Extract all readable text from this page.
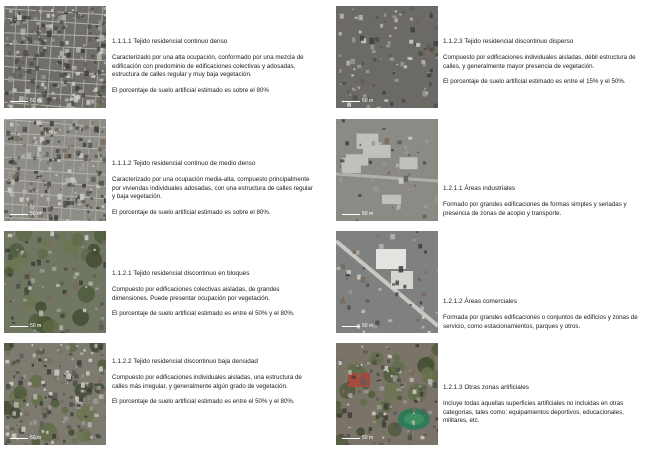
50 m

1.1.1.1 Tejido residencial continuo denso

Caracterizado por una alta ocupación, conformado por una mezcla de edificación con predominio de edificaciones colectivas y adosadas, estructura de calles regular y muy baja vegetación.

El porcentaje de suelo artificial estimado es sobre el 80%

50 m

1.1.1.2 Tejido residencial continuo de medio denso

Caracterizado por una ocupación media-alta, compuesto principalmente por viviendas individuales adosadas, con una estructura de calles regular y baja vegetación.

El porcentaje de suelo artificial estimado es sobre el 80%.

50 m

1.1.2.1 Tejido residencial discontinuo en bloques

Compuesto por edificaciones colectivas aisladas, de grandes dimensiones. Puede presentar ocupación por vegetación.

El porcentaje de suelo artificial estimado es entre el 50% y el 80%.

50 m

1.1.2.2 Tejido residencial discontinuo baja densidad

Compuesto por edificaciones individuales aisladas, una estructura de calles más irregular, y generalmente algún grado de vegetación.

El porcentaje de suelo artificial estimado es entre el 50% y el 80%.

50 m

1.1.2.3 Tejido residencial discontinuo disperso

Compuesto por edificaciones individuales aisladas, débil estructura de calles, y generalmente mayor presencia de vegetación.

El porcentaje de suelo artificial estimado es entre el 15% y el 50%.

50 m

1.2.1.1 Áreas industriales

Formado por grandes edificaciones de formas simples y seriadas y presencia de zonas de acopio y transporte.

50 m

1.2.1.2 Áreas comerciales

Formada por grandes edificaciones o conjuntos de edificios y zonas de servicio, como estacionamientos, parques y otros.

50 m

1.2.1.3 Otras zonas artificiales

Incluye todas aquellas superficies artificiales no incluidas en otras categorías, tales como: equipamientos deportivos, educacionales, militares, etc.
